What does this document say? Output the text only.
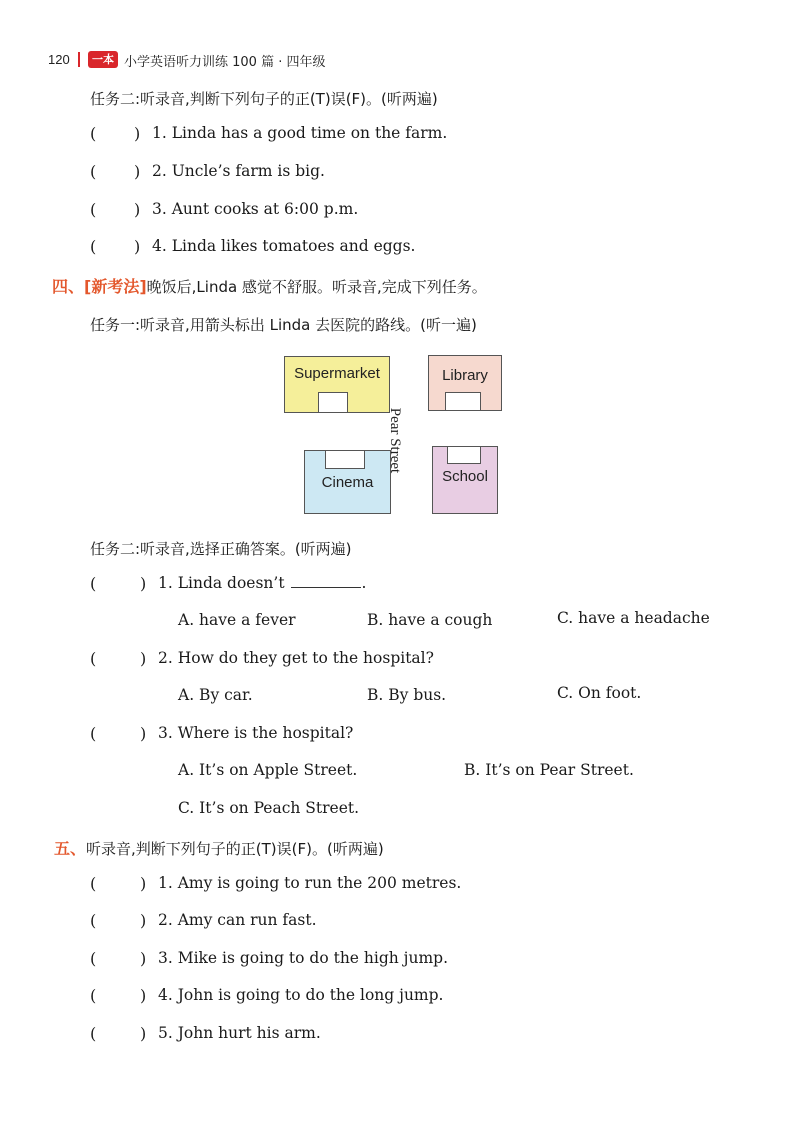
120	一本 小学英语听力训练 100 篇 · 四年级
任务二:听录音,判断下列句子的正(T)误(F)。(听两遍)
( ) 1. Linda has a good time on the farm.
( ) 2. Uncle’s farm is big.
( ) 3. Aunt cooks at 6:00 p.m.
( ) 4. Linda likes tomatoes and eggs.
四、[新考法]晚饭后,Linda 感觉不舒服。听录音,完成下列任务。
任务一:听录音,用箭头标出 Linda 去医院的路线。(听一遍)
Supermarket	Library
Cinema	School
Pear Street
任务二:听录音,选择正确答案。(听两遍)
(	) 1. Linda doesn’t	.
A. have a fever	B. have a cough	C. have a headache
(	) 2. How do they get to the hospital?
A. By car.	B. By bus.	C. On foot.
(	) 3. Where is the hospital?
A. It’s on Apple Street.	B. It’s on Pear Street.
C. It’s on Peach Street.
五、听录音,判断下列句子的正(T)误(F)。(听两遍)
(	) 1. Amy is going to run the 200 metres.
(	) 2. Amy can run fast.
(	) 3. Mike is going to do the high jump.
(	) 4. John is going to do the long jump.
(	) 5. John hurt his arm.
